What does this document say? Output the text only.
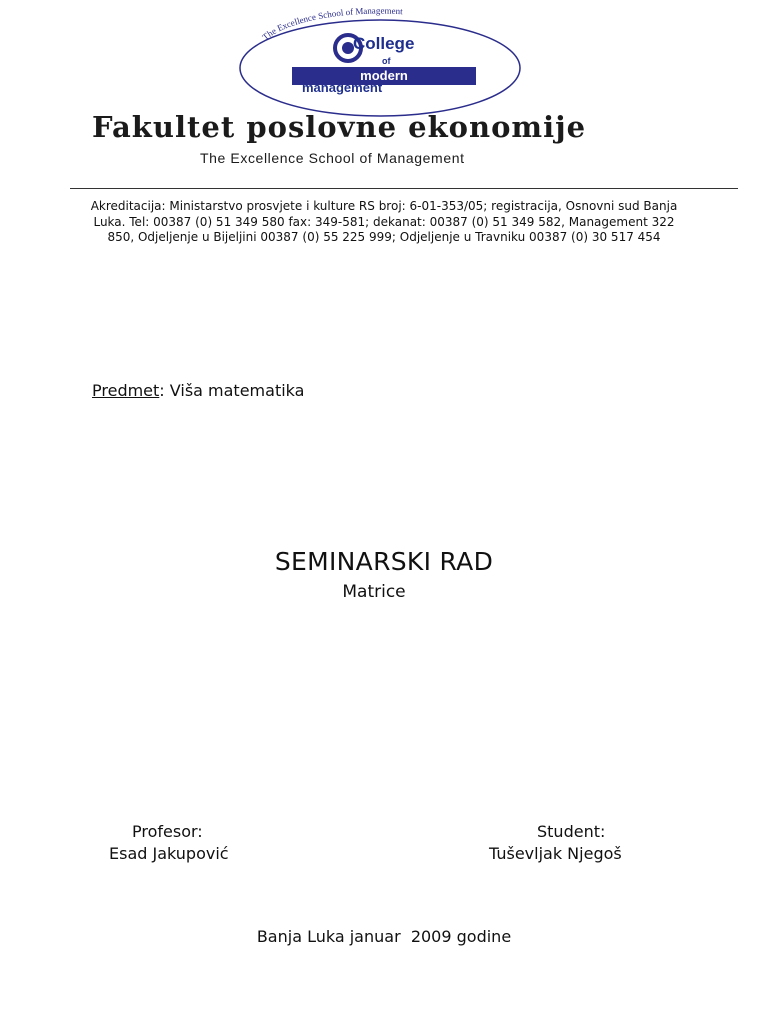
The Excellence School of Management
College
of
modern
management
Fakultet poslovne ekonomije
The Excellence School of Management
Akreditacija: Ministarstvo prosvjete i kulture RS broj: 6-01-353/05; registracija, Osnovni sud Banja Luka. Tel: 00387 (0) 51 349 580 fax: 349-581; dekanat: 00387 (0) 51 349 582, Management 322 850, Odjeljenje u Bijeljini 00387 (0) 55 225 999; Odjeljenje u Travniku 00387 (0) 30 517 454
Predmet: Viša matematika
SEMINARSKI RAD
Matrice
Profesor:
Esad Jakupović
Student:
Tuševljak Njegoš
Banja Luka januar  2009 godine
